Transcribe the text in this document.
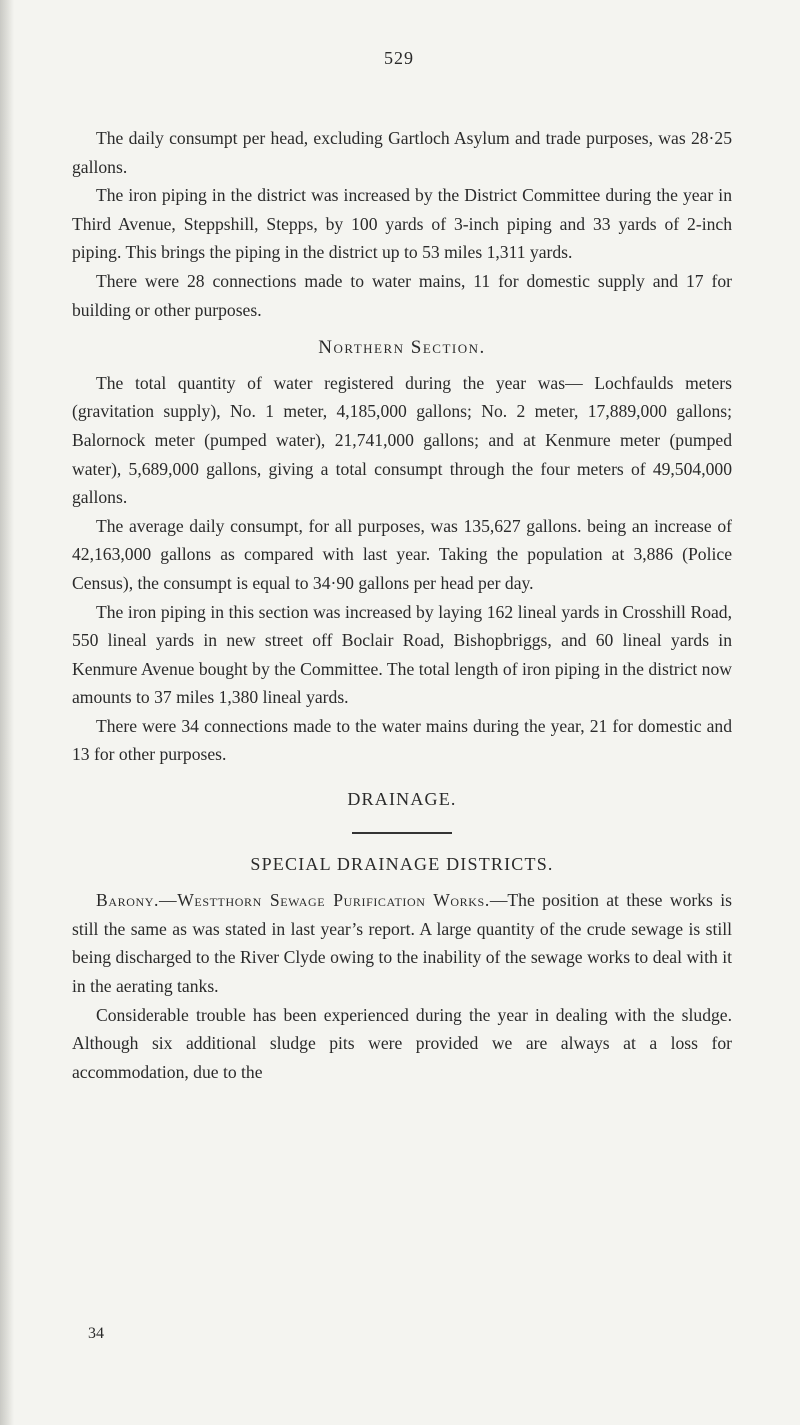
529

The daily consumpt per head, excluding Gartloch Asylum and trade purposes, was 28·25 gallons.

The iron piping in the district was increased by the District Committee during the year in Third Avenue, Steppshill, Stepps, by 100 yards of 3-inch piping and 33 yards of 2-inch piping. This brings the piping in the district up to 53 miles 1,311 yards.

There were 28 connections made to water mains, 11 for domestic supply and 17 for building or other purposes.

Northern Section.

The total quantity of water registered during the year was— Lochfaulds meters (gravitation supply), No. 1 meter, 4,185,000 gallons; No. 2 meter, 17,889,000 gallons; Balornock meter (pumped water), 21,741,000 gallons; and at Kenmure meter (pumped water), 5,689,000 gallons, giving a total consumpt through the four meters of 49,504,000 gallons.

The average daily consumpt, for all purposes, was 135,627 gallons. being an increase of 42,163,000 gallons as compared with last year. Taking the population at 3,886 (Police Census), the consumpt is equal to 34·90 gallons per head per day.

The iron piping in this section was increased by laying 162 lineal yards in Crosshill Road, 550 lineal yards in new street off Boclair Road, Bishopbriggs, and 60 lineal yards in Kenmure Avenue bought by the Committee. The total length of iron piping in the district now amounts to 37 miles 1,380 lineal yards.

There were 34 connections made to the water mains during the year, 21 for domestic and 13 for other purposes.

DRAINAGE.
SPECIAL DRAINAGE DISTRICTS.

Barony.—Westthorn Sewage Purification Works.—The position at these works is still the same as was stated in last year’s report. A large quantity of the crude sewage is still being discharged to the River Clyde owing to the inability of the sewage works to deal with it in the aerating tanks.

Considerable trouble has been experienced during the year in dealing with the sludge. Although six additional sludge pits were provided we are always at a loss for accommodation, due to the

34
